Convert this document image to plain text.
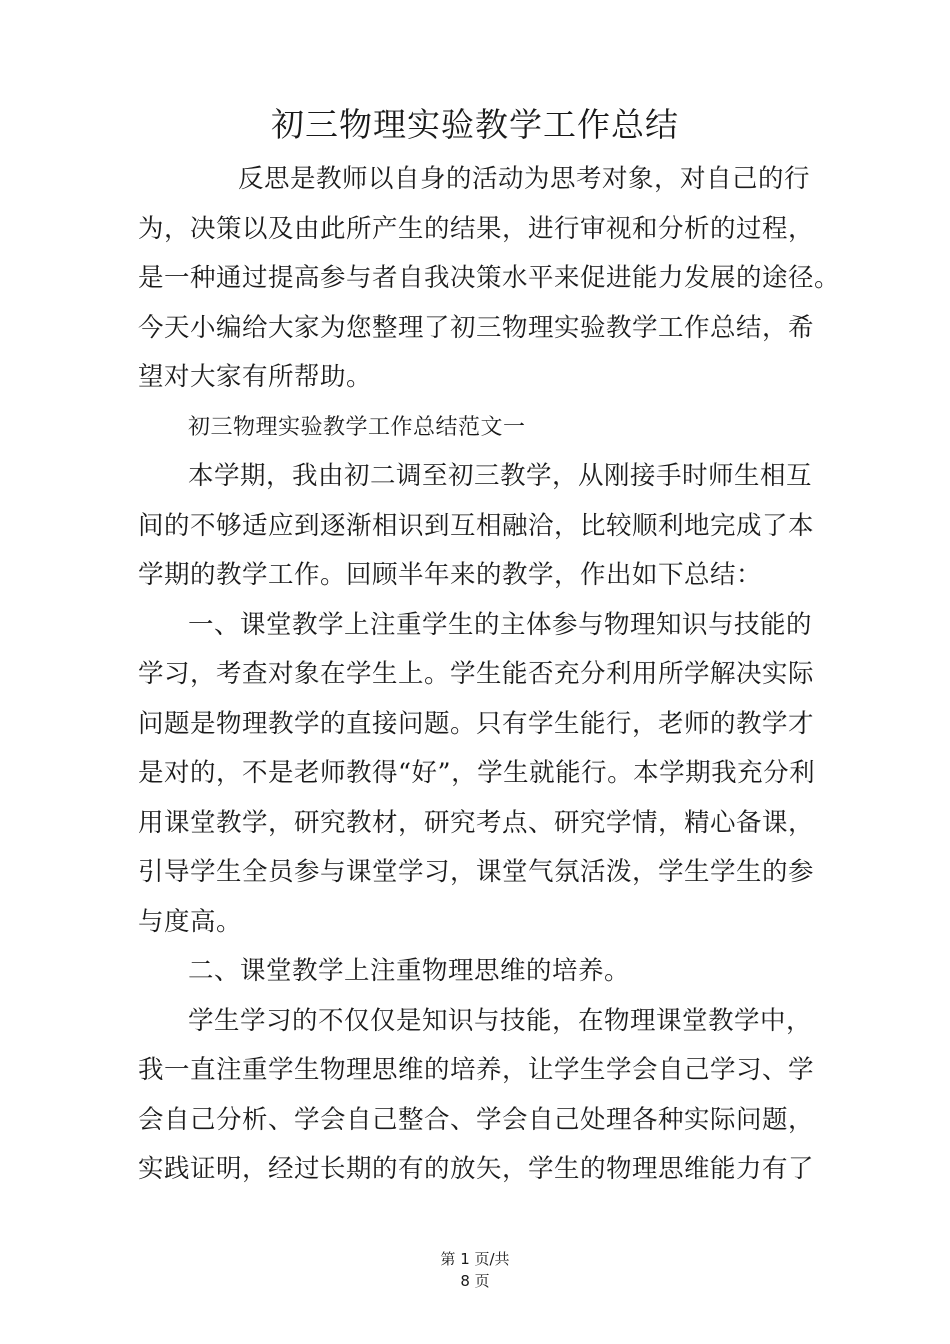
初三物理实验教学工作总结
反思是教师以自身的活动为思考对象，对自己的行
为，决策以及由此所产生的结果，进行审视和分析的过程，
是一种通过提高参与者自我决策水平来促进能力发展的途径。
今天小编给大家为您整理了初三物理实验教学工作总结，希
望对大家有所帮助。
初三物理实验教学工作总结范文一
本学期，我由初二调至初三教学，从刚接手时师生相互
间的不够适应到逐渐相识到互相融洽，比较顺利地完成了本
学期的教学工作。回顾半年来的教学，作出如下总结：
一、课堂教学上注重学生的主体参与物理知识与技能的
学习，考查对象在学生上。学生能否充分利用所学解决实际
问题是物理教学的直接问题。只有学生能行，老师的教学才
是对的，不是老师教得“好”，学生就能行。本学期我充分利
用课堂教学，研究教材，研究考点、研究学情，精心备课，
引导学生全员参与课堂学习，课堂气氛活泼，学生学生的参
与度高。
二、课堂教学上注重物理思维的培养。
学生学习的不仅仅是知识与技能，在物理课堂教学中，
我一直注重学生物理思维的培养，让学生学会自己学习、学
会自己分析、学会自己整合、学会自己处理各种实际问题，
实践证明，经过长期的有的放矢，学生的物理思维能力有了
第 1 页/共
8 页
